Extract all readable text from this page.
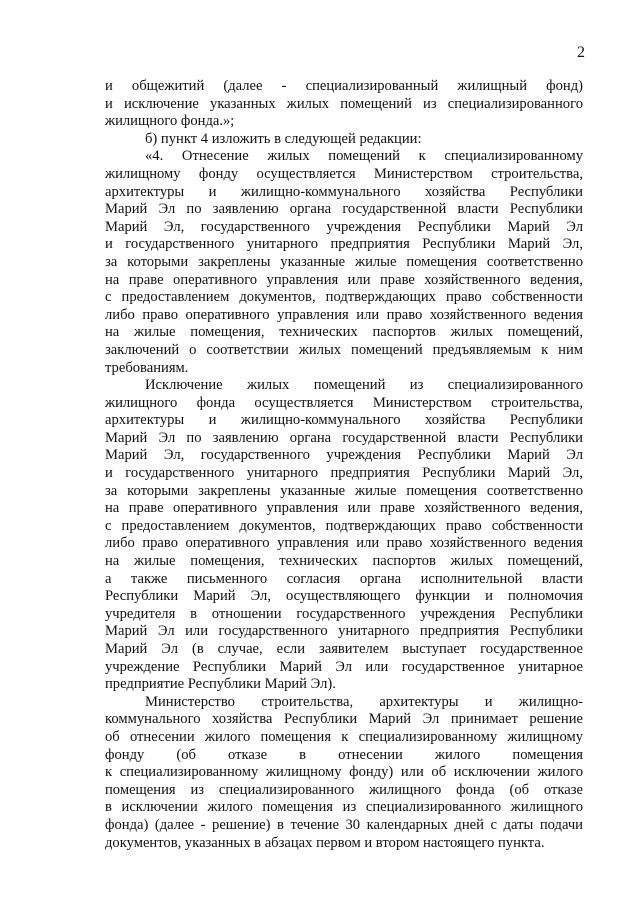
2
и общежитий (далее - специализированный жилищный фонд)
и исключение указанных жилых помещений из специализированного
жилищного фонда.»;
б) пункт 4 изложить в следующей редакции:
«4. Отнесение жилых помещений к специализированному
жилищному фонду осуществляется Министерством строительства,
архитектуры и жилищно-коммунального хозяйства Республики
Марий Эл по заявлению органа государственной власти Республики
Марий Эл, государственного учреждения Республики Марий Эл
и государственного унитарного предприятия Республики Марий Эл,
за которыми закреплены указанные жилые помещения соответственно
на праве оперативного управления или праве хозяйственного ведения,
с предоставлением документов, подтверждающих право собственности
либо право оперативного управления или право хозяйственного ведения
на жилые помещения, технических паспортов жилых помещений,
заключений о соответствии жилых помещений предъявляемым к ним
требованиям.
Исключение жилых помещений из специализированного
жилищного фонда осуществляется Министерством строительства,
архитектуры и жилищно-коммунального хозяйства Республики
Марий Эл по заявлению органа государственной власти Республики
Марий Эл, государственного учреждения Республики Марий Эл
и государственного унитарного предприятия Республики Марий Эл,
за которыми закреплены указанные жилые помещения соответственно
на праве оперативного управления или праве хозяйственного ведения,
с предоставлением документов, подтверждающих право собственности
либо право оперативного управления или право хозяйственного ведения
на жилые помещения, технических паспортов жилых помещений,
а также письменного согласия органа исполнительной власти
Республики Марий Эл, осуществляющего функции и полномочия
учредителя в отношении государственного учреждения Республики
Марий Эл или государственного унитарного предприятия Республики
Марий Эл (в случае, если заявителем выступает государственное
учреждение Республики Марий Эл или государственное унитарное
предприятие Республики Марий Эл).
Министерство строительства, архитектуры и жилищно-
коммунального хозяйства Республики Марий Эл принимает решение
об отнесении жилого помещения к специализированному жилищному
фонду (об отказе в отнесении жилого помещения
к специализированному жилищному фонду) или об исключении жилого
помещения из специализированного жилищного фонда (об отказе
в исключении жилого помещения из специализированного жилищного
фонда) (далее - решение) в течение 30 календарных дней с даты подачи
документов, указанных в абзацах первом и втором настоящего пункта.
